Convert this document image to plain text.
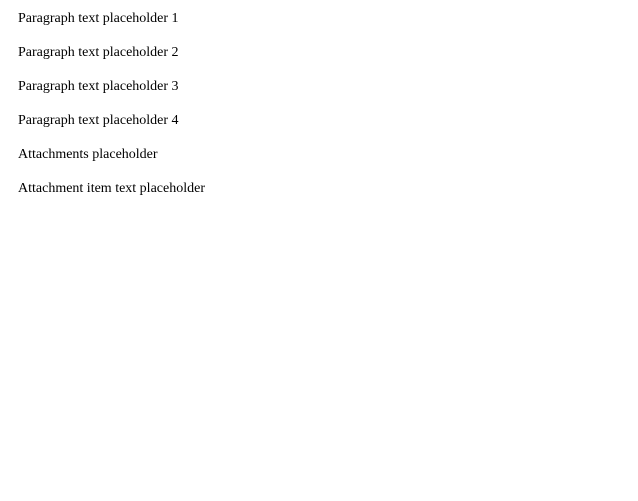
Paragraph text placeholder 1

Paragraph text placeholder 2

Paragraph text placeholder 3

Paragraph text placeholder 4

Attachments placeholder

Attachment item text placeholder
